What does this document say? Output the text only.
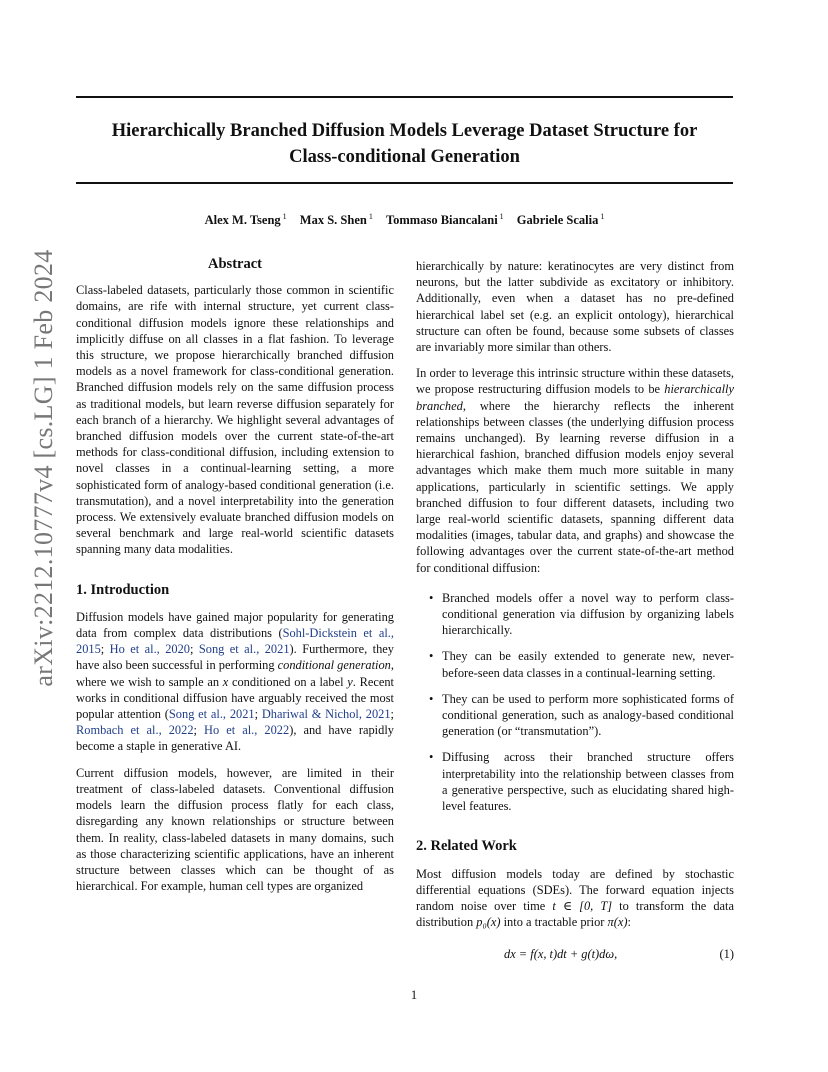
Hierarchically Branched Diffusion Models Leverage Dataset Structure for
Class-conditional Generation
Alex M. Tseng $^1$ Max S. Shen $^1$ Tommaso Biancalani $^1$ Gabriele Scalia $^1$
arXiv:2212.10777v4 [cs.LG] 1 Feb 2024	Abstract

Class-labeled datasets, particularly those common in scientific domains, are rife with internal structure, yet current class-conditional diffusion models ignore these relationships and implicitly diffuse on all classes in a flat fashion. To leverage this structure, we propose hierarchically branched diffusion models as a novel framework for class-conditional generation. Branched diffusion models rely on the same diffusion process as traditional models, but learn reverse diffusion separately for each branch of a hierarchy. We highlight several advantages of branched diffusion models over the current state-of-the-art methods for class-conditional diffusion, including extension to novel classes in a continual-learning setting, a more sophisticated form of analogy-based conditional generation (i.e. transmutation), and a novel interpretability into the generation process. We extensively evaluate branched diffusion models on several benchmark and large real-world scientific datasets spanning many data modalities.

1. Introduction

Diffusion models have gained major popularity for generating data from complex data distributions (Sohl-Dickstein et al., 2015; Ho et al., 2020; Song et al., 2021). Furthermore, they have also been successful in performing conditional generation, where we wish to sample an x conditioned on a label y. Recent works in conditional diffusion have arguably received the most popular attention (Song et al., 2021; Dhariwal & Nichol, 2021; Rombach et al., 2022; Ho et al., 2022), and have rapidly become a staple in generative AI.

Current diffusion models, however, are limited in their treatment of class-labeled datasets. Conventional diffusion models learn the diffusion process flatly for each class, disregarding any known relationships or structure between them. In reality, class-labeled datasets in many domains, such as those characterizing scientific applications, have an inherent structure between classes which can be thought of as hierarchical. For example, human cell types are organized

hierarchically by nature: keratinocytes are very distinct from neurons, but the latter subdivide as excitatory or inhibitory. Additionally, even when a dataset has no pre-defined hierarchical label set (e.g. an explicit ontology), hierarchical structure can often be found, because some subsets of classes are invariably more similar than others.

In order to leverage this intrinsic structure within these datasets, we propose restructuring diffusion models to be hierarchically branched, where the hierarchy reflects the inherent relationships between classes (the underlying diffusion process remains unchanged). By learning reverse diffusion in a hierarchical fashion, branched diffusion models enjoy several advantages which make them much more suitable in many applications, particularly in scientific settings. We apply branched diffusion to four different datasets, including two large real-world scientific datasets, spanning different data modalities (images, tabular data, and graphs) and showcase the following advantages over the current state-of-the-art method for conditional diffusion:

• Branched models offer a novel way to perform class-conditional generation via diffusion by organizing labels hierarchically.
• They can be easily extended to generate new, never-before-seen data classes in a continual-learning setting.
• They can be used to perform more sophisticated forms of conditional generation, such as analogy-based conditional generation (or “transmutation”).
• Diffusing across their branched structure offers interpretability into the relationship between classes from a generative perspective, such as elucidating shared high-level features.
2. Related Work

Most diffusion models today are defined by stochastic differential equations (SDEs). The forward equation injects random noise over time t ∈ [0, T] to transform the data distribution p₀(x) into a tractable prior π(x):

dx = f(x, t)dt + g(t)dω,	(1)
1
